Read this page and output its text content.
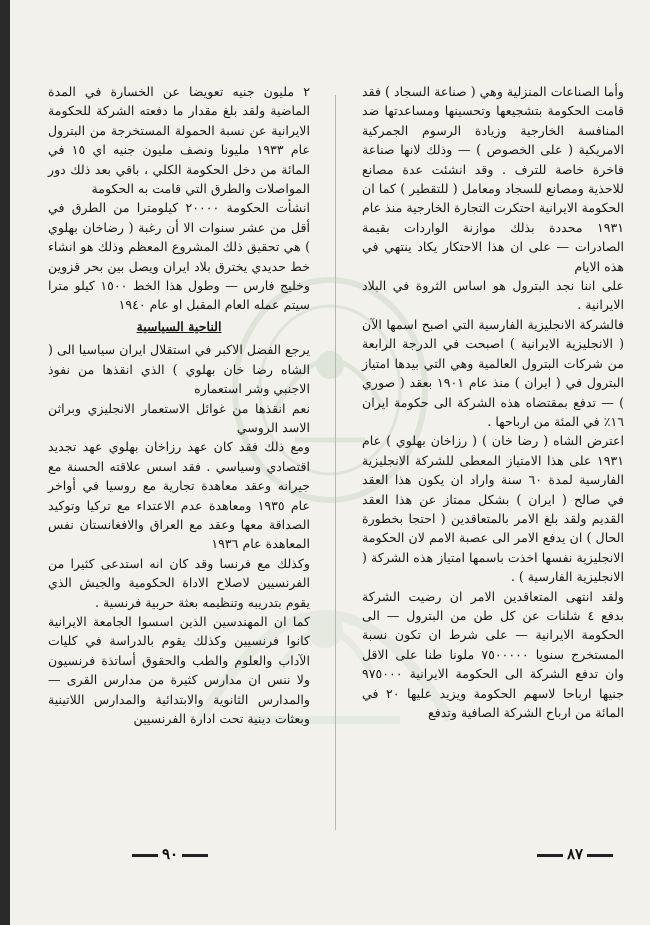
وأما الصناعات المنزلية وهي ( صناعة السجاد ) فقد قامت الحكومة بتشجيعها وتحسينها ومساعدتها ضد المنافسة الخارجية وزيادة الرسوم الجمركية الامريكية ( على الخصوص ) — وذلك لانها صناعة فاخرة خاصة للترف . وقد انشئت عدة مصانع للاحذية ومصانع للسجاد ومعامل ( للتقطير ) كما ان الحكومة الايرانية احتكرت التجارة الخارجية منذ عام ١٩٣١ محددة بذلك موازنة الواردات بقيمة الصادرات — على ان هذا الاحتكار يكاد ينتهي في هذه الايام

على اننا نجد البترول هو اساس الثروة في البلاد الايرانية .

فالشركة الانجليزية الفارسية التي اصبح اسمها الآن ( الانجليزية الايرانية ) اصبحت في الدرجة الرابعة من شركات البترول العالمية وهي التي بيدها امتياز البترول في ( ايران ) منذ عام ١٩٠١ بعقد ( صوري ) — تدفع بمقتضاه هذه الشركة الى حكومة ايران ١٦٪ في المئة من ارباحها .

اعترض الشاه ( رضا خان ) ( رزاخان بهلوي ) عام ١٩٣١ على هذا الامتياز المعطى للشركة الانجليزية الفارسية لمدة ٦٠ سنة واراد ان يكون هذا العقد في صالح ( ايران ) بشكل ممتاز عن هذا العقد القديم ولقد بلغ الامر بالمتعاقدين ( احتجا بخطورة الحال ) ان يدفع الامر الى عصبة الامم لان الحكومة الانجليزية نفسها اخذت باسمها امتياز هذه الشركة ( الانجليزية الفارسية ) .

ولقد انتهى المتعاقدين الامر ان رضيت الشركة بدفع ٤ شلنات عن كل طن من البترول — الى الحكومة الايرانية — على شرط ان تكون نسبة المستخرج سنويا ٧٥٠٠٠٠٠ ملونا طنا على الاقل وان تدفع الشركة الى الحكومة الايرانية ٩٧٥٠٠٠ جنيها ارباحا لاسهم الحكومة ويزيد عليها ٢٠ في المائة من ارباح الشركة الصافية وتدفع

٢ مليون جنيه تعويضا عن الخسارة في المدة الماضية ولقد بلغ مقدار ما دفعته الشركة للحكومة الايرانية عن نسبة الحمولة المستخرجة من البترول عام ١٩٣٣ مليونا ونصف مليون جنيه اي ١٥ في المائة من دخل الحكومة الكلي ، باقي بعد ذلك دور المواصلات والطرق التي قامت به الحكومة

انشأت الحكومة ٢٠٠٠٠ كيلومترا من الطرق في أقل من عشر سنوات الا أن رغبة ( رضاخان بهلوي ) هي تحقيق ذلك المشروع المعظم وذلك هو انشاء خط حديدي يخترق بلاد ايران ويصل بين بحر قزوين وخليج فارس — وطول هذا الخط ١٥٠٠ كيلو مترا سيتم عمله العام المقبل او عام ١٩٤٠

الناحية السياسية

يرجع الفضل الاكبر في استقلال ايران سياسيا الى ( الشاه رضا خان بهلوي ) الذي انقذها من نفوذ الاجنبي وشر استعماره

نعم انقذها من غوائل الاستعمار الانجليزي وبراثن الاسد الروسي

ومع ذلك فقد كان عهد رزاخان بهلوي عهد تجديد اقتصادي وسياسي . فقد اسس علاقته الحسنة مع جيرانه وعقد معاهدة تجارية مع روسيا في أواخر عام ١٩٣٥ ومعاهدة عدم الاعتداء مع تركيا وتوكيد الصداقة معها وعقد مع العراق والافغانستان نفس المعاهدة عام ١٩٣٦

وكذلك مع فرنسا وقد كان انه استدعى كثيرا من الفرنسيين لاصلاح الاداة الحكومية والجيش الذي يقوم بتدريبه وتنظيمه بعثة حربية فرنسية .

كما ان المهندسين الذين اسسوا الجامعة الايرانية كانوا فرنسيين وكذلك يقوم بالدراسة في كليات الآداب والعلوم والطب والحقوق أساتذة فرنسيون ولا ننس ان مدارس كثيرة من مدارس القرى — والمدارس الثانوية والابتدائية والمدارس اللاتينية وبعثات دينية تحت ادارة الفرنسيين

٨٧
٩٠
